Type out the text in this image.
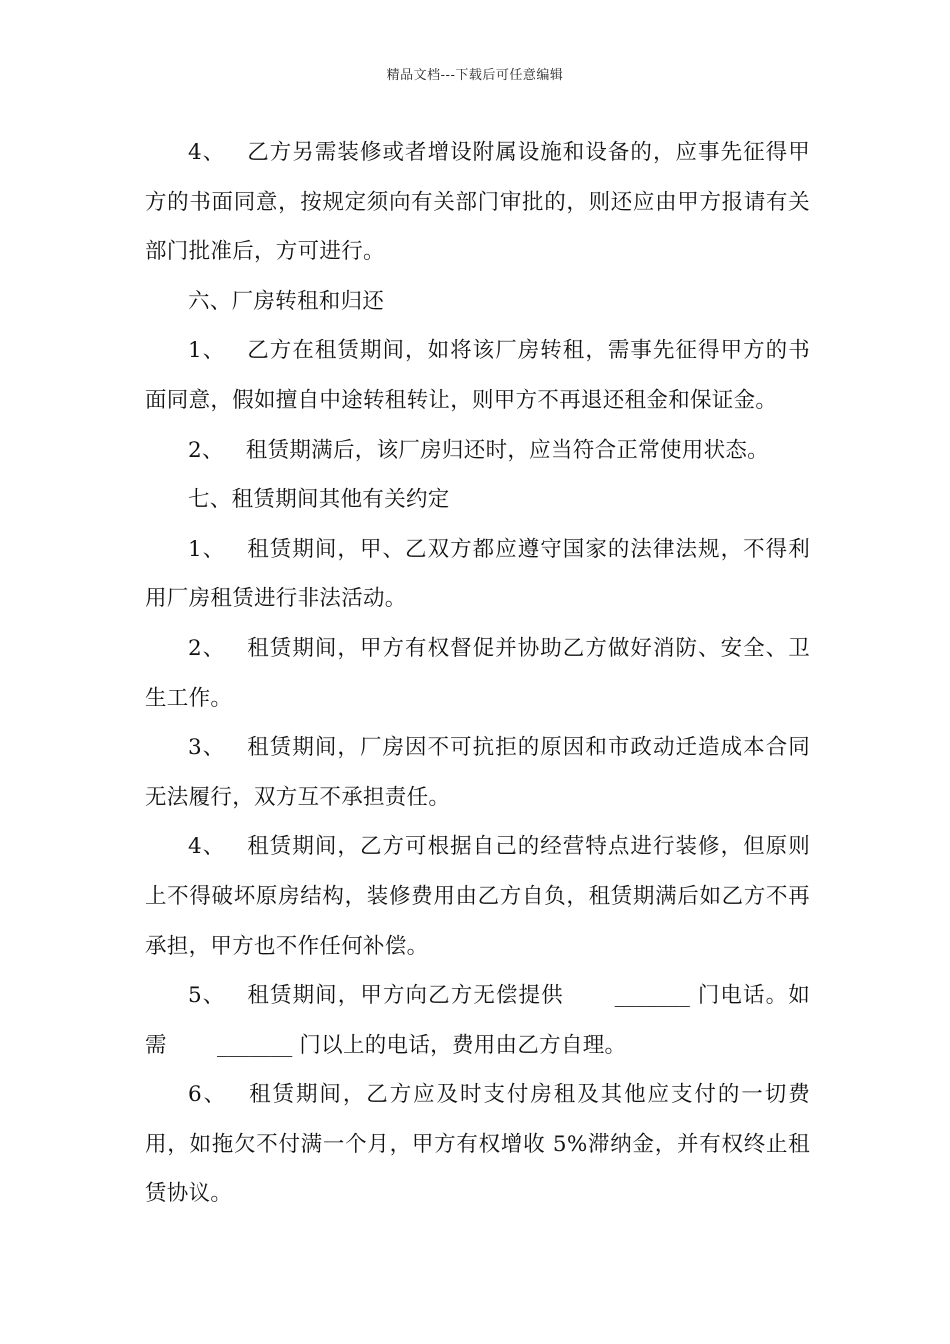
精品文档---下载后可任意编辑

4、 乙方另需装修或者增设附属设施和设备的，应事先征得甲方的书面同意，按规定须向有关部门审批的，则还应由甲方报请有关部门批准后，方可进行。

六、厂房转租和归还

1、 乙方在租赁期间，如将该厂房转租，需事先征得甲方的书面同意，假如擅自中途转租转让，则甲方不再退还租金和保证金。

2、 租赁期满后，该厂房归还时，应当符合正常使用状态。

七、租赁期间其他有关约定

1、 租赁期间，甲、乙双方都应遵守国家的法律法规，不得利用厂房租赁进行非法活动。

2、 租赁期间，甲方有权督促并协助乙方做好消防、安全、卫生工作。

3、 租赁期间，厂房因不可抗拒的原因和市政动迁造成本合同无法履行，双方互不承担责任。

4、 租赁期间，乙方可根据自己的经营特点进行装修，但原则上不得破坏原房结构，装修费用由乙方自负，租赁期满后如乙方不再承担，甲方也不作任何补偿。

5、 租赁期间，甲方向乙方无偿提供 _______ 门电话。如需 _______ 门以上的电话，费用由乙方自理。

6、 租赁期间，乙方应及时支付房租及其他应支付的一切费用，如拖欠不付满一个月，甲方有权增收 5%滞纳金，并有权终止租赁协议。
